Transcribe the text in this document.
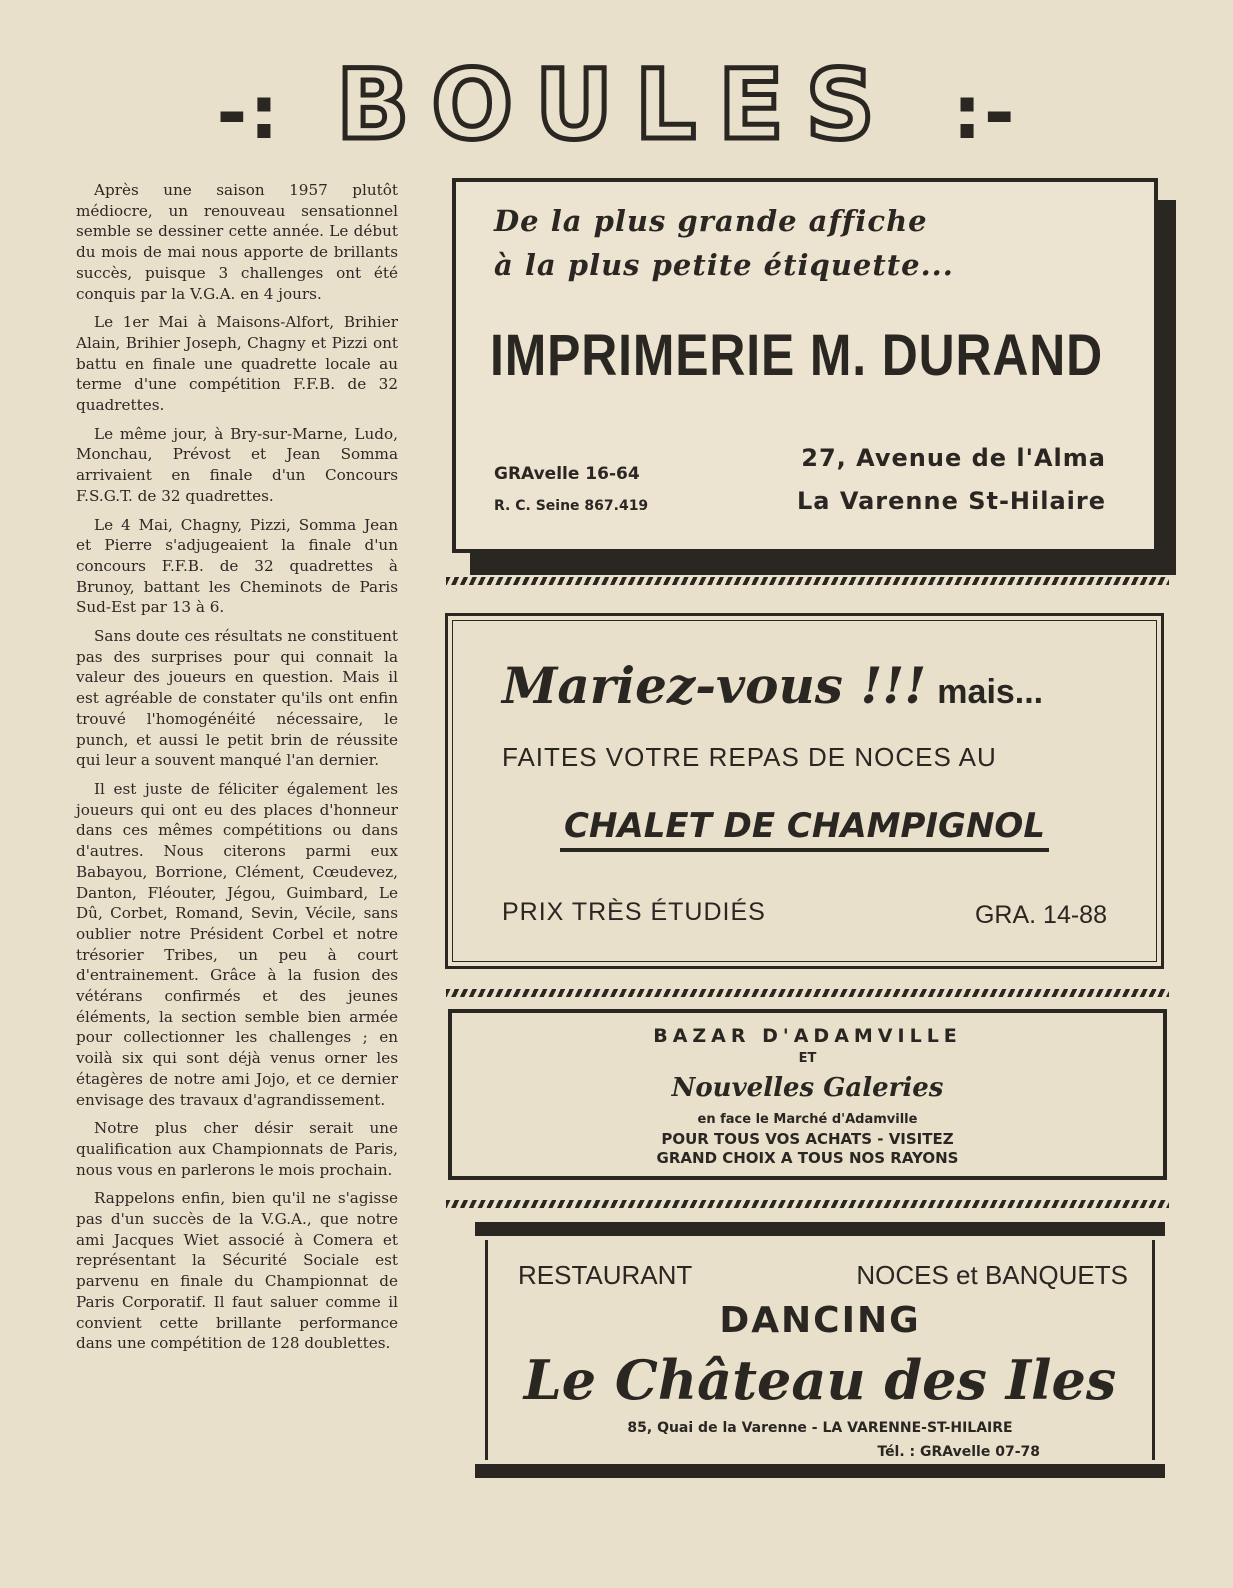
-: BOULES :-

Après une saison 1957 plutôt médiocre, un renouveau sensationnel semble se dessiner cette année. Le début du mois de mai nous apporte de brillants succès, puisque 3 challenges ont été conquis par la V.G.A. en 4 jours.

Le 1er Mai à Maisons-Alfort, Brihier Alain, Brihier Joseph, Chagny et Pizzi ont battu en finale une quadrette locale au terme d'une compétition F.F.B. de 32 quadrettes.

Le même jour, à Bry-sur-Marne, Ludo, Monchau, Prévost et Jean Somma arrivaient en finale d'un Concours F.S.G.T. de 32 quadrettes.

Le 4 Mai, Chagny, Pizzi, Somma Jean et Pierre s'adjugeaient la finale d'un concours F.F.B. de 32 quadrettes à Brunoy, battant les Cheminots de Paris Sud-Est par 13 à 6.

Sans doute ces résultats ne constituent pas des surprises pour qui connait la valeur des joueurs en question. Mais il est agréable de constater qu'ils ont enfin trouvé l'homogénéité nécessaire, le punch, et aussi le petit brin de réussite qui leur a souvent manqué l'an dernier.

Il est juste de féliciter également les joueurs qui ont eu des places d'honneur dans ces mêmes compétitions ou dans d'autres. Nous citerons parmi eux Babayou, Borrione, Clément, Cœudevez, Danton, Fléouter, Jégou, Guimbard, Le Dû, Corbet, Romand, Sevin, Vécile, sans oublier notre Président Corbel et notre trésorier Tribes, un peu à court d'entrainement. Grâce à la fusion des vétérans confirmés et des jeunes éléments, la section semble bien armée pour collectionner les challenges ; en voilà six qui sont déjà venus orner les étagères de notre ami Jojo, et ce dernier envisage des travaux d'agrandissement.

Notre plus cher désir serait une qualification aux Championnats de Paris, nous vous en parlerons le mois prochain.

Rappelons enfin, bien qu'il ne s'agisse pas d'un succès de la V.G.A., que notre ami Jacques Wiet associé à Comera et représentant la Sécurité Sociale est parvenu en finale du Championnat de Paris Corporatif. Il faut saluer comme il convient cette brillante performance dans une compétition de 128 doublettes.

De la plus grande affiche
à la plus petite étiquette...
IMPRIMERIE M. DURAND
GRAvelle 16-64
R. C. Seine 867.419
27, Avenue de l'Alma
La Varenne St-Hilaire
Mariez-vous !!! mais...
FAITES VOTRE REPAS DE NOCES AU
CHALET DE CHAMPIGNOL
PRIX TRÈS ÉTUDIÉS	GRA. 14-88
BAZAR D'ADAMVILLE
ET
Nouvelles Galeries
en face le Marché d'Adamville
POUR TOUS VOS ACHATS - VISITEZ
GRAND CHOIX A TOUS NOS RAYONS
RESTAURANT	NOCES et BANQUETS
DANCING
Le Château des Iles
85, Quai de la Varenne - LA VARENNE-ST-HILAIRE
Tél. : GRAvelle 07-78
